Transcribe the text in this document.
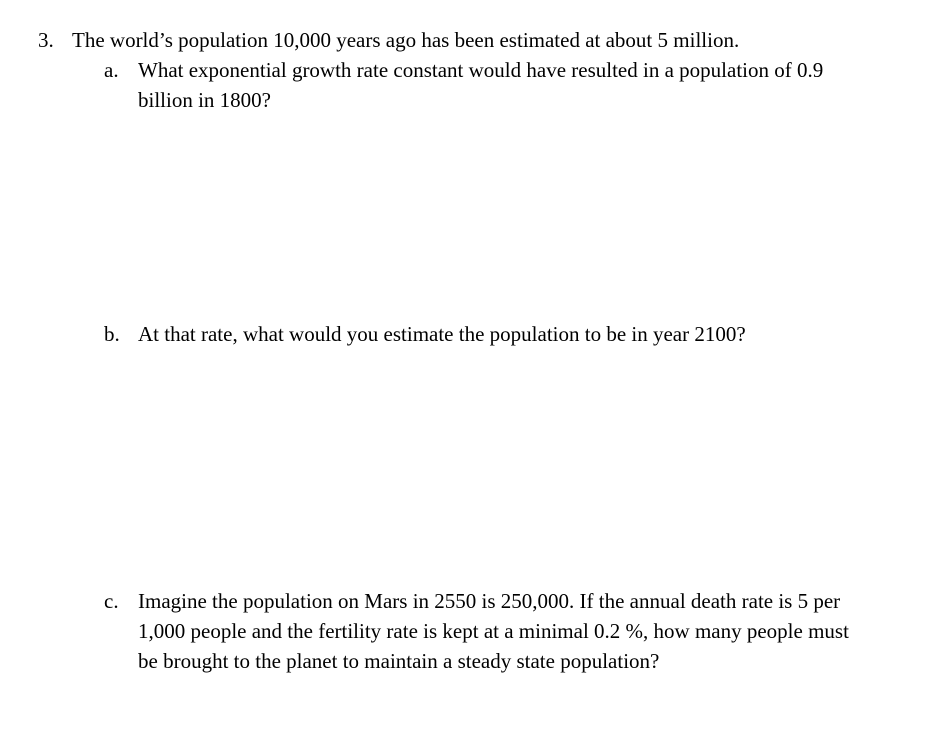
3. The world’s population 10,000 years ago has been estimated at about 5 million.
a. What exponential growth rate constant would have resulted in a population of 0.9 billion in 1800?
b. At that rate, what would you estimate the population to be in year 2100?
c. Imagine the population on Mars in 2550 is 250,000. If the annual death rate is 5 per 1,000 people and the fertility rate is kept at a minimal 0.2 %, how many people must be brought to the planet to maintain a steady state population?
